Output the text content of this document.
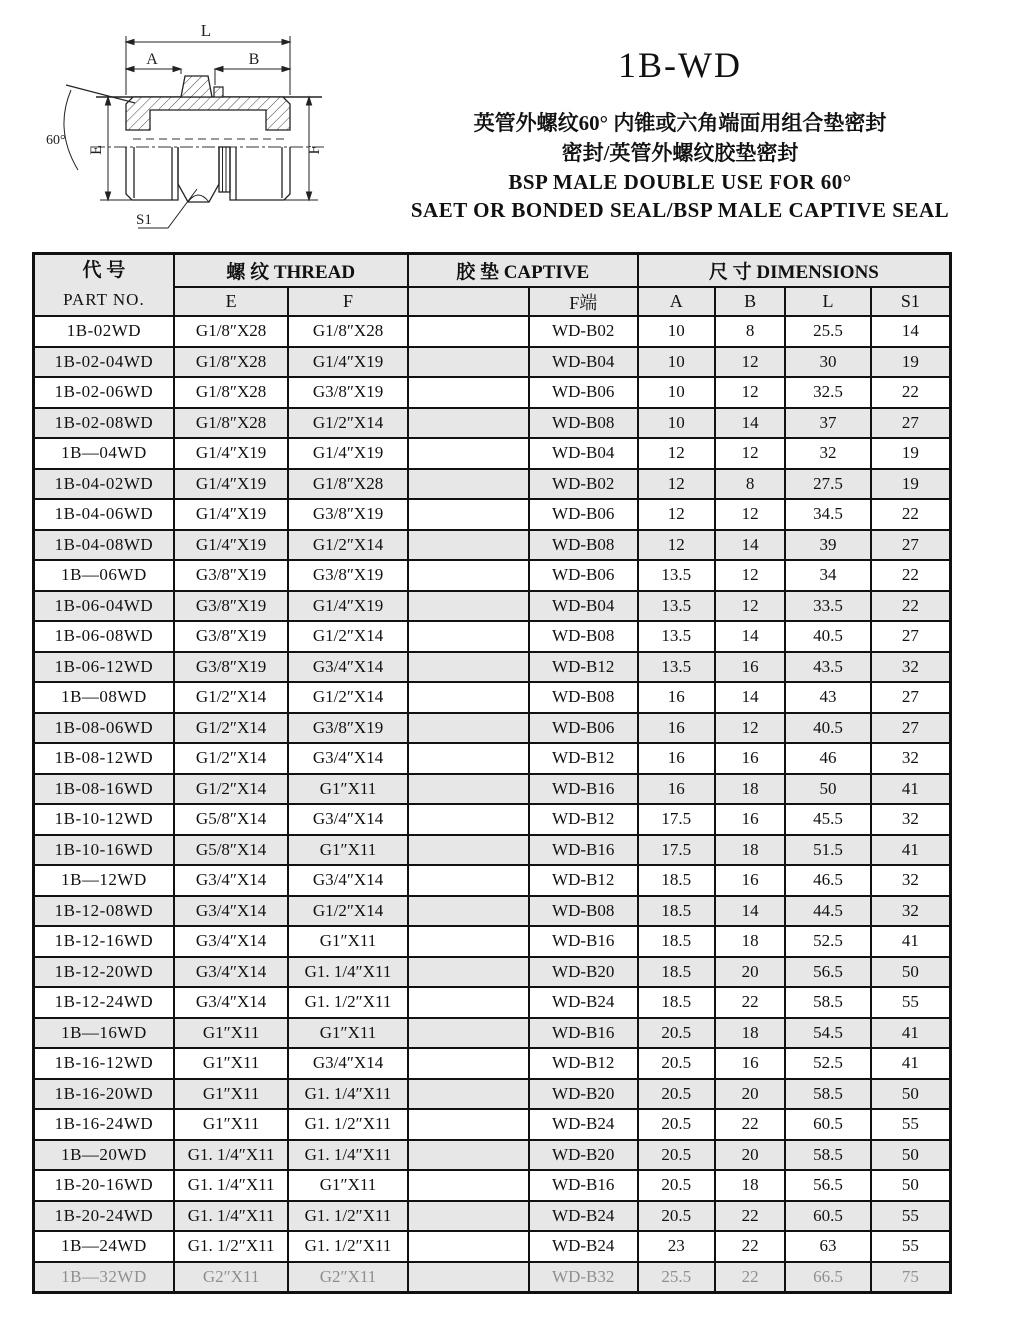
L
A	B
E	F
60°
S1
1B-WD
英管外螺纹60° 内锥或六角端面用组合垫密封
密封/英管外螺纹胶垫密封
BSP MALE DOUBLE USE FOR 60°
SAET OR BONDED SEAL/BSP MALE CAPTIVE SEAL
代 号
PART NO.	螺 纹 THREAD		胶 垫 CAPTIVE		尺 寸 DIMENSIONS			
	E	F		F端	A	B	L	S1
1B-02WD	G1/8″X28	G1/8″X28		WD-B02	10	8	25.5	14
1B-02-04WD	G1/8″X28	G1/4″X19		WD-B04	10	12	30	19
1B-02-06WD	G1/8″X28	G3/8″X19		WD-B06	10	12	32.5	22
1B-02-08WD	G1/8″X28	G1/2″X14		WD-B08	10	14	37	27
1B—04WD	G1/4″X19	G1/4″X19		WD-B04	12	12	32	19
1B-04-02WD	G1/4″X19	G1/8″X28		WD-B02	12	8	27.5	19
1B-04-06WD	G1/4″X19	G3/8″X19		WD-B06	12	12	34.5	22
1B-04-08WD	G1/4″X19	G1/2″X14		WD-B08	12	14	39	27
1B—06WD	G3/8″X19	G3/8″X19		WD-B06	13.5	12	34	22
1B-06-04WD	G3/8″X19	G1/4″X19		WD-B04	13.5	12	33.5	22
1B-06-08WD	G3/8″X19	G1/2″X14		WD-B08	13.5	14	40.5	27
1B-06-12WD	G3/8″X19	G3/4″X14		WD-B12	13.5	16	43.5	32
1B—08WD	G1/2″X14	G1/2″X14		WD-B08	16	14	43	27
1B-08-06WD	G1/2″X14	G3/8″X19		WD-B06	16	12	40.5	27
1B-08-12WD	G1/2″X14	G3/4″X14		WD-B12	16	16	46	32
1B-08-16WD	G1/2″X14	G1″X11		WD-B16	16	18	50	41
1B-10-12WD	G5/8″X14	G3/4″X14		WD-B12	17.5	16	45.5	32
1B-10-16WD	G5/8″X14	G1″X11		WD-B16	17.5	18	51.5	41
1B—12WD	G3/4″X14	G3/4″X14		WD-B12	18.5	16	46.5	32
1B-12-08WD	G3/4″X14	G1/2″X14		WD-B08	18.5	14	44.5	32
1B-12-16WD	G3/4″X14	G1″X11		WD-B16	18.5	18	52.5	41
1B-12-20WD	G3/4″X14	G1. 1/4″X11		WD-B20	18.5	20	56.5	50
1B-12-24WD	G3/4″X14	G1. 1/2″X11		WD-B24	18.5	22	58.5	55
1B—16WD	G1″X11	G1″X11		WD-B16	20.5	18	54.5	41
1B-16-12WD	G1″X11	G3/4″X14		WD-B12	20.5	16	52.5	41
1B-16-20WD	G1″X11	G1. 1/4″X11		WD-B20	20.5	20	58.5	50
1B-16-24WD	G1″X11	G1. 1/2″X11		WD-B24	20.5	22	60.5	55
1B—20WD	G1. 1/4″X11	G1. 1/4″X11		WD-B20	20.5	20	58.5	50
1B-20-16WD	G1. 1/4″X11	G1″X11		WD-B16	20.5	18	56.5	50
1B-20-24WD	G1. 1/4″X11	G1. 1/2″X11		WD-B24	20.5	22	60.5	55
1B—24WD	G1. 1/2″X11	G1. 1/2″X11		WD-B24	23	22	63	55
1B—32WD	G2″X11	G2″X11		WD-B32	25.5	22	66.5	75
